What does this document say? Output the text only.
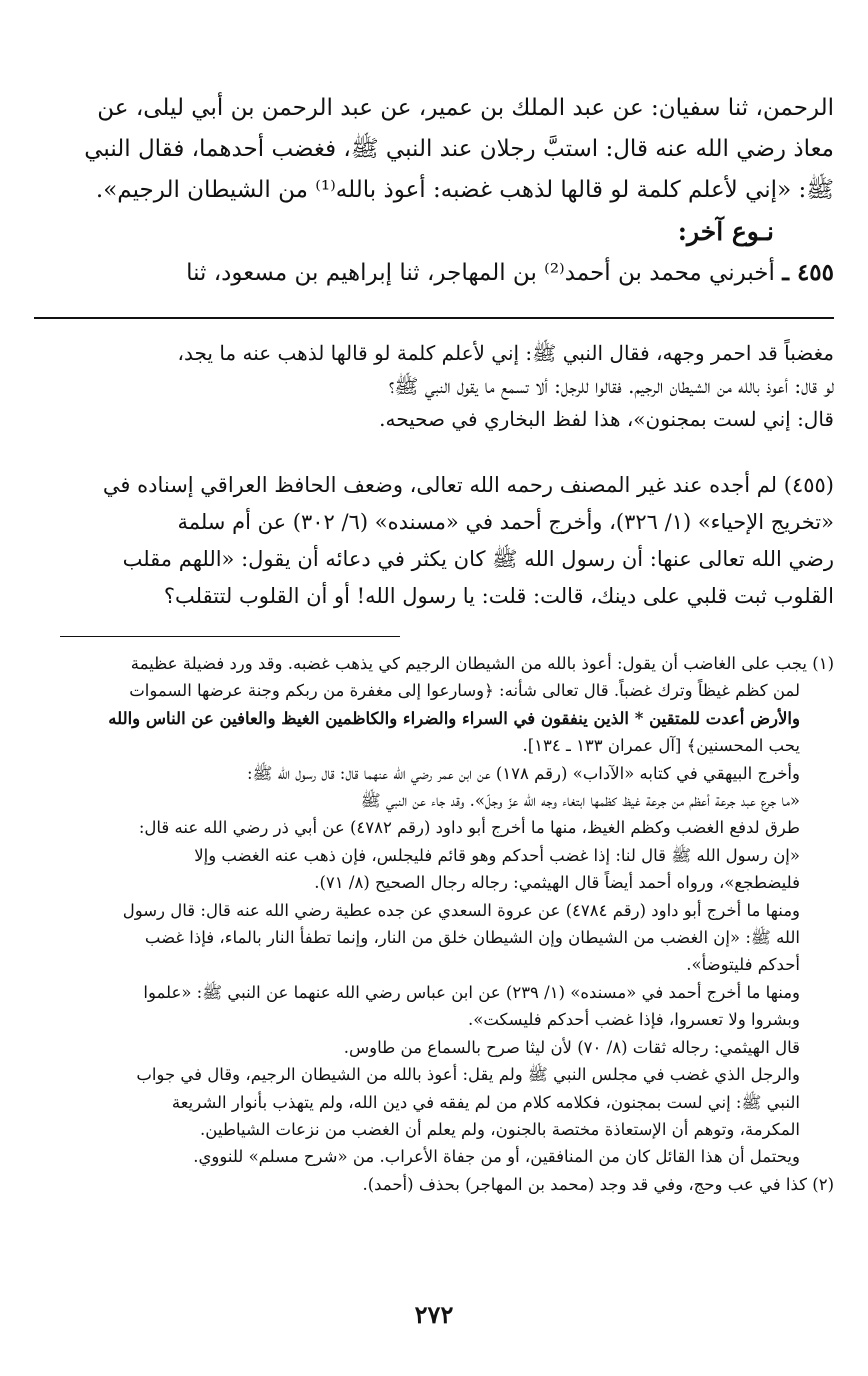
الرحمن، ثنا سفيان: عن عبد الملك بن عمير، عن عبد الرحمن بن أبي ليلى، عن
معاذ رضي الله عنه قال: استبَّ رجلان عند النبي ﷺ، فغضب أحدهما، فقال النبي
ﷺ: «إني لأعلم كلمة لو قالها لذهب غضبه: أعوذ بالله⁽¹⁾ من الشيطان الرجيم».
نـوع آخر:
٤٥٥ ـ أخبرني محمد بن أحمد⁽²⁾ بن المهاجر، ثنا إبراهيم بن مسعود، ثنا
مغضباً قد احمر وجهه، فقال النبي ﷺ: إني لأعلم كلمة لو قالها لذهب عنه ما يجد،
لو قال: أعوذ بالله من الشيطان الرجيم. فقالوا للرجل: ألا تسمع ما يقول النبي ﷺ؟
قال: إني لست بمجنون»، هذا لفظ البخاري في صحيحه.
(٤٥٥) لم أجده عند غير المصنف رحمه الله تعالى، وضعف الحافظ العراقي إسناده في
«تخريج الإحياء» (١/ ٣٢٦)، وأخرج أحمد في «مسنده» (٦/ ٣٠٢) عن أم سلمة
رضي الله تعالى عنها: أن رسول الله ﷺ كان يكثر في دعائه أن يقول: «اللهم مقلب
القلوب ثبت قلبي على دينك، قالت: قلت: يا رسول الله! أو أن القلوب لتتقلب؟
(١) يجب على الغاضب أن يقول: أعوذ بالله من الشيطان الرجيم كي يذهب غضبه. وقد ورد فضيلة عظيمة
لمن كظم غيظاً وترك غضباً. قال تعالى شأنه: ﴿وسارعوا إلى مغفرة من ربكم وجنة عرضها السموات
والأرض أعدت للمتقين * الذين ينفقون في السراء والضراء والكاظمين الغيظ والعافين عن الناس والله
يحب المحسنين﴾ [آل عمران ١٣٣ ـ ١٣٤].
وأخرج البيهقي في كتابه «الآداب» (رقم ١٧٨) عن ابن عمر رضي الله عنهما قال: قال رسول الله ﷺ:
«ما جرع عبد جرعة أعظم من جرعة غيظ كظمها ابتغاء وجه الله عزّ وجلّ». وقد جاء عن النبي ﷺ
طرق لدفع الغضب وكظم الغيظ، منها ما أخرج أبو داود (رقم ٤٧٨٢) عن أبي ذر رضي الله عنه قال:
«إن رسول الله ﷺ قال لنا: إذا غضب أحدكم وهو قائم فليجلس، فإن ذهب عنه الغضب وإلا
فليضطجع»، ورواه أحمد أيضاً قال الهيثمي: رجاله رجال الصحيح (٨/ ٧١).
ومنها ما أخرج أبو داود (رقم ٤٧٨٤) عن عروة السعدي عن جده عطية رضي الله عنه قال: قال رسول
الله ﷺ: «إن الغضب من الشيطان وإن الشيطان خلق من النار، وإنما تطفأ النار بالماء، فإذا غضب
أحدكم فليتوضأ».
ومنها ما أخرج أحمد في «مسنده» (١/ ٢٣٩) عن ابن عباس رضي الله عنهما عن النبي ﷺ: «علموا
وبشروا ولا تعسروا، فإذا غضب أحدكم فليسكت».
قال الهيثمي: رجاله ثقات (٨/ ٧٠) لأن ليثا صرح بالسماع من طاوس.
والرجل الذي غضب في مجلس النبي ﷺ ولم يقل: أعوذ بالله من الشيطان الرجيم، وقال في جواب
النبي ﷺ: إني لست بمجنون، فكلامه كلام من لم يفقه في دين الله، ولم يتهذب بأنوار الشريعة
المكرمة، وتوهم أن الإستعاذة مختصة بالجنون، ولم يعلم أن الغضب من نزعات الشياطين.
ويحتمل أن هذا القائل كان من المنافقين، أو من جفاة الأعراب. من «شرح مسلم» للنووي.
(٢) كذا في عب وحج، وفي قد وجد (محمد بن المهاجر) بحذف (أحمد).
٢٧٢
